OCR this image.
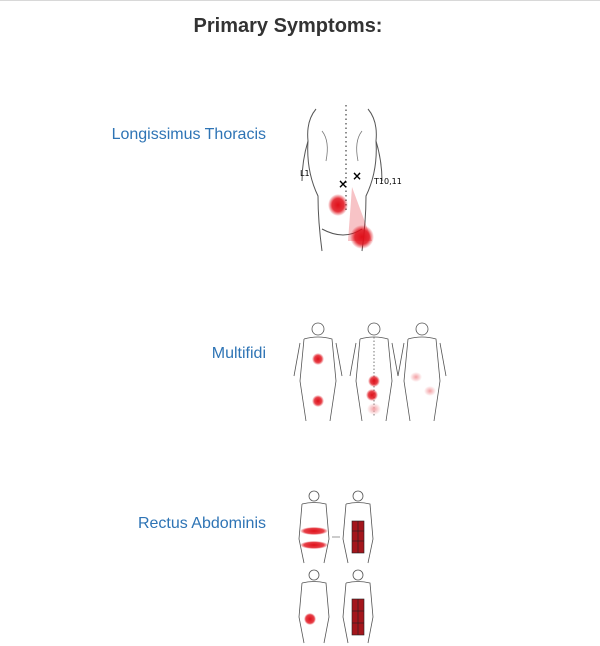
Primary Symptoms:
Longissimus Thoracis
×
×
L1
T10,11
Multifidi
Rectus Abdominis
